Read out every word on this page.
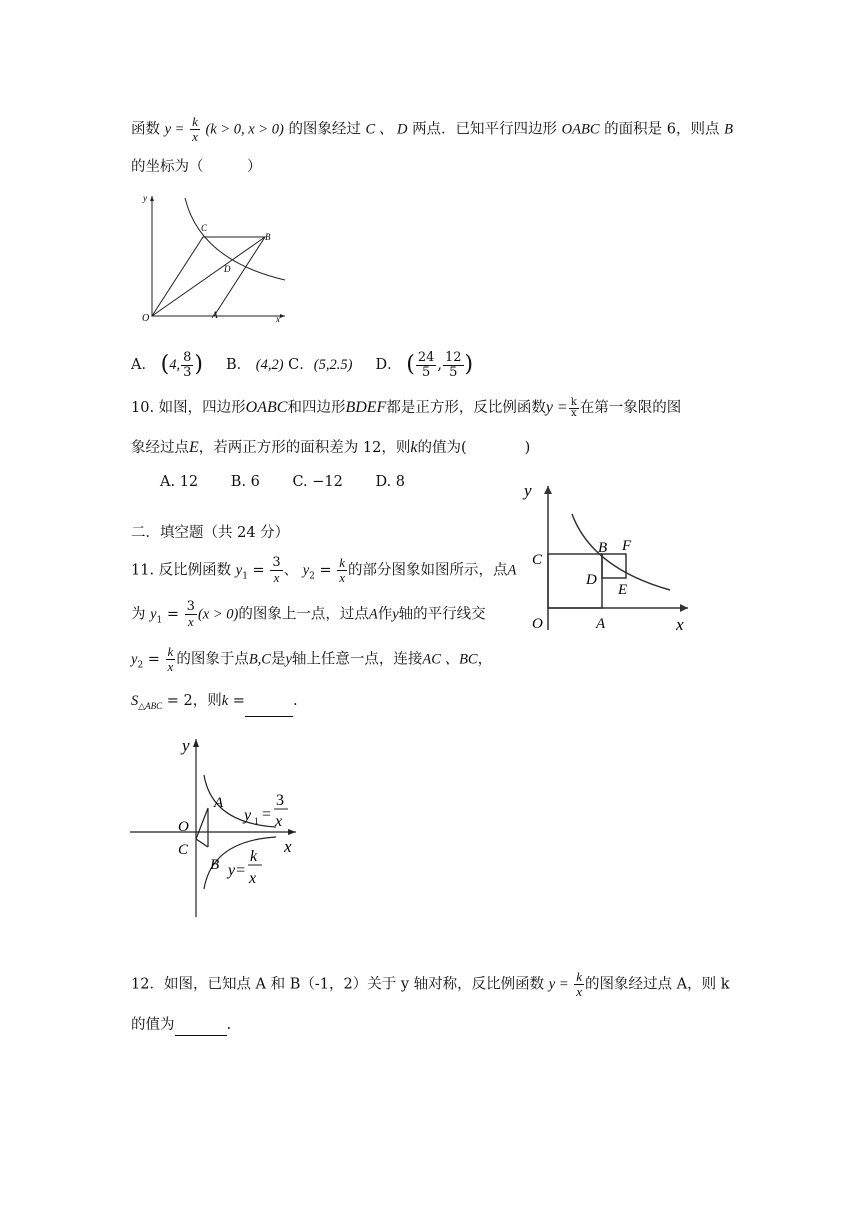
函数 $y = \frac{k}{x} (k > 0$, x > 0) 的图象经过 C 、 D 两点．已知平行四边形 OABC 的面积是 6，则点 B
的坐标为（　　　）
y
x
O	A
B
C
D
A． (4, $\frac{8}{3}$ ) B． (4,2) C．(5,2.5) D． ( $\frac{24}{5}$ , $\frac{12}{5}$ )
10. 如图，四边形OABC和四边形BDEF都是正方形，反比例函数$y = \frac{k}{x}$ 在第一象限的图
象经过点E，若两正方形的面积差为 12，则k的值为(　　　　)
A. 12 B. 6 C. −12 D. 8	y
x
O	A
C
B F
D
E
二．填空题（共 24 分）
11. 反比例函数 $y_1 = \frac{3}{x}$ 、 $y_2 = \frac{k}{x}$ 的部分图象如图所示，点A
为 $y_1 = \frac{3}{x} (x > 0)$的图象上一点，过点A作y轴的平行线交
$y_2 = \frac{k}{x}$ 的图象于点B,C是y轴上任意一点，连接AC 、BC，
$S_{\triangle ABC} = 2$，则k =	.
y
x
O
C
A
B
y 1 =
3
x
y=
k
x
12．如图，已知点 A 和 B（-1，2）关于 y 轴对称，反比例函数 $y = \frac{k}{x}$ 的图象经过点 A，则 k
的值为	.
